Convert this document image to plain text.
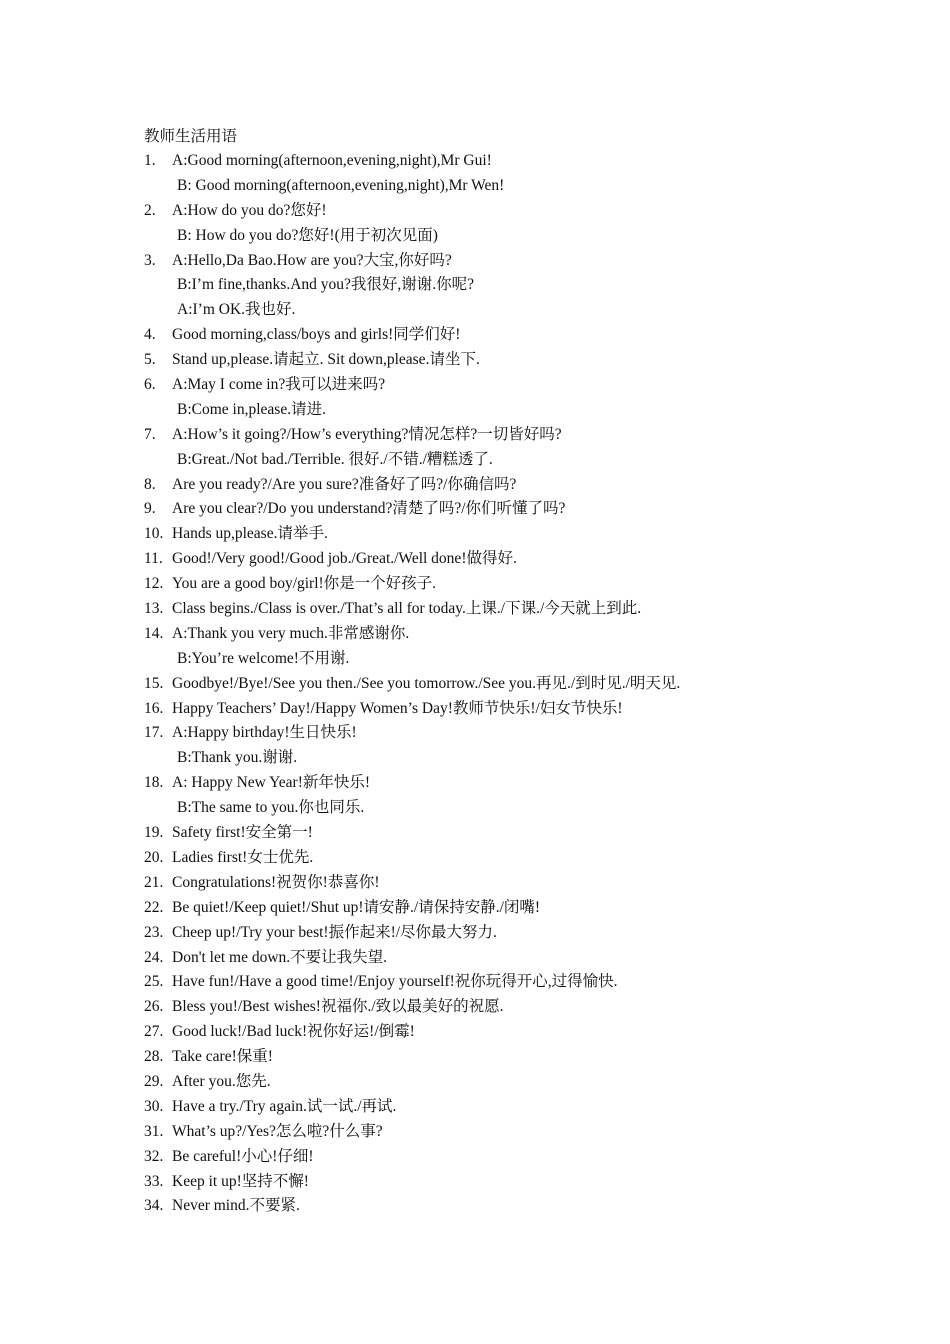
教师生活用语
1. A:Good morning(afternoon,evening,night),Mr Gui!
B: Good morning(afternoon,evening,night),Mr Wen!
2. A:How do you do?您好!
B: How do you do?您好!(用于初次见面)
3. A:Hello,Da Bao.How are you?大宝,你好吗?
B:I’m fine,thanks.And you?我很好,谢谢.你呢?
A:I’m OK.我也好.
4. Good morning,class/boys and girls!同学们好!
5. Stand up,please.请起立. Sit down,please.请坐下.
6. A:May I come in?我可以进来吗?
B:Come in,please.请进.
7. A:How’s it going?/How’s everything?情况怎样?一切皆好吗?
B:Great./Not bad./Terrible. 很好./不错./糟糕透了.
8. Are you ready?/Are you sure?准备好了吗?/你确信吗?
9. Are you clear?/Do you understand?清楚了吗?/你们听懂了吗?
10. Hands up,please.请举手.
11. Good!/Very good!/Good job./Great./Well done!做得好.
12. You are a good boy/girl!你是一个好孩子.
13. Class begins./Class is over./That’s all for today.上课./下课./今天就上到此.
14. A:Thank you very much.非常感谢你.
B:You’re welcome!不用谢.
15. Goodbye!/Bye!/See you then./See you tomorrow./See you.再见./到时见./明天见.
16. Happy Teachers’ Day!/Happy Women’s Day!教师节快乐!/妇女节快乐!
17. A:Happy birthday!生日快乐!
B:Thank you.谢谢.
18. A: Happy New Year!新年快乐!
B:The same to you.你也同乐.
19. Safety first!安全第一!
20. Ladies first!女士优先.
21. Congratulations!祝贺你!恭喜你!
22. Be quiet!/Keep quiet!/Shut up!请安静./请保持安静./闭嘴!
23. Cheep up!/Try your best!振作起来!/尽你最大努力.
24. Don't let me down.不要让我失望.
25. Have fun!/Have a good time!/Enjoy yourself!祝你玩得开心,过得愉快.
26. Bless you!/Best wishes!祝福你./致以最美好的祝愿.
27. Good luck!/Bad luck!祝你好运!/倒霉!
28. Take care!保重!
29. After you.您先.
30. Have a try./Try again.试一试./再试.
31. What’s up?/Yes?怎么啦?什么事?
32. Be careful!小心!仔细!
33. Keep it up!坚持不懈!
34. Never mind.不要紧.
